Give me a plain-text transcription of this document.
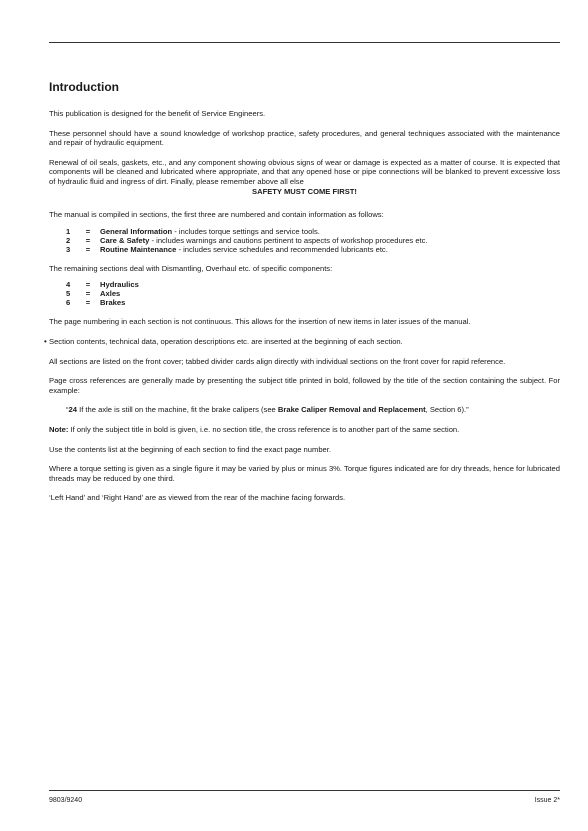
Introduction

This publication is designed for the benefit of Service Engineers.

These personnel should have a sound knowledge of workshop practice, safety procedures, and general techniques associated with the maintenance and repair of hydraulic equipment.

Renewal of oil seals, gaskets, etc., and any component showing obvious signs of wear or damage is expected as a matter of course. It is expected that components will be cleaned and lubricated where appropriate, and that any opened hose or pipe connections will be blanked to prevent excessive loss of hydraulic fluid and ingress of dirt. Finally, please remember above all else

SAFETY MUST COME FIRST!

The manual is compiled in sections, the first three are numbered and contain information as follows:

1	=	General Information - includes torque settings and service tools.
2	=	Care & Safety - includes warnings and cautions pertinent to aspects of workshop procedures etc.
3	=	Routine Maintenance - includes service schedules and recommended lubricants etc.

The remaining sections deal with Dismantling, Overhaul etc. of specific components:

4	=	Hydraulics
5	=	Axles
6	=	Brakes

The page numbering in each section is not continuous. This allows for the insertion of new items in later issues of the manual.

Section contents, technical data, operation descriptions etc. are inserted at the beginning of each section.

All sections are listed on the front cover; tabbed divider cards align directly with individual sections on the front cover for rapid reference.

Page cross references are generally made by presenting the subject title printed in bold, followed by the title of the section containing the subject. For example:

“24 If the axle is still on the machine, fit the brake calipers (see Brake Caliper Removal and Replacement, Section 6).”

Note: If only the subject title in bold is given, i.e. no section title, the cross reference is to another part of the same section.

Use the contents list at the beginning of each section to find the exact page number.

Where a torque setting is given as a single figure it may be varied by plus or minus 3%. Torque figures indicated are for dry threads, hence for lubricated threads may be reduced by one third.

‘Left Hand’ and ‘Right Hand’ are as viewed from the rear of the machine facing forwards.

•
9803/9240	Issue 2*
